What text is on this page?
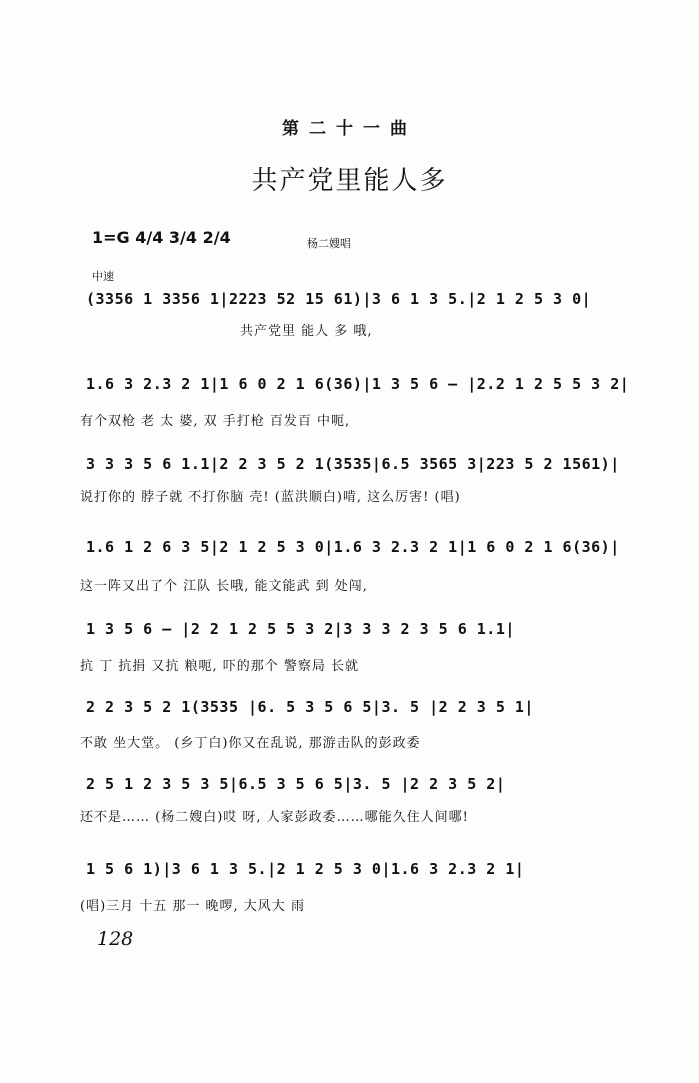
第二十一曲
共产党里能人多
1=G 4/4 3/4 2/4	杨二嫂唱
中速
(3356 1 3356 1|2223 52 15 61)|3 6 1 3 5.|2 1 2 5 3 0|
共产党里 能人 多 哦,
1.6 3 2.3 2 1|1 6 0 2 1 6(36)|1 3 5 6 — |2.2 1 2 5 5 3 2|
有个双枪 老 太 婆, 双 手打枪 百发百 中呃,
3 3 3 5 6 1.1|2 2 3 5 2 1(3535|6.5 3565 3|223 5 2 1561)|
说打你的 脖子就 不打你脑 壳! (蓝洪顺白)啃, 这么厉害! (唱)
1.6 1 2 6 3 5|2 1 2 5 3 0|1.6 3 2.3 2 1|1 6 0 2 1 6(36)|
这一阵又出了个 江队 长哦, 能文能武 到 处闯,
1 3 5 6 — |2 2 1 2 5 5 3 2|3 3 3 2 3 5 6 1.1|
抗 丁 抗捐 又抗 粮呃, 吓的那个 警察局 长就
2 2 3 5 2 1(3535 |6. 5 3 5 6 5|3. 5 |2 2 3 5 1|
不敢 坐大堂。 (乡丁白)你又在乱说, 那游击队的彭政委
2 5 1 2 3 5 3 5|6.5 3 5 6 5|3. 5 |2 2 3 5 2|
还不是…… (杨二嫂白)哎 呀, 人家彭政委……哪能久住人间哪!
1 5 6 1)|3 6 1 3 5.|2 1 2 5 3 0|1.6 3 2.3 2 1|
(唱)三月 十五 那一 晚啰, 大风大 雨
128
